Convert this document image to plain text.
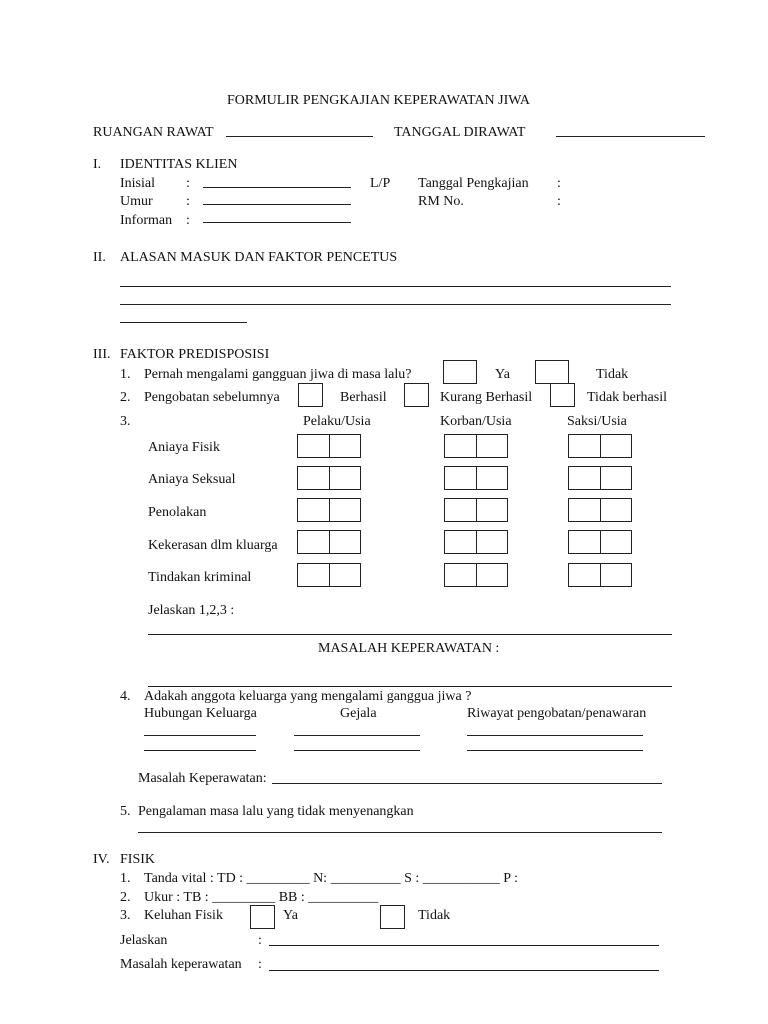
FORMULIR PENGKAJIAN KEPERAWATAN JIWA
RUANGAN RAWAT	TANGGAL DIRAWAT
I. IDENTITAS KLIEN
Inisial :	L/P Tanggal Pengkajian :
Umur :	RM No.	:
Informan :
II. ALASAN MASUK DAN FAKTOR PENCETUS
III. FAKTOR PREDISPOSISI
1. Pernah mengalami gangguan jiwa di masa lalu?	Ya	Tidak
2. Pengobatan sebelumnya	Berhasil	Kurang Berhasil	Tidak berhasil
3.	Pelaku/Usia	Korban/Usia	Saksi/Usia
Aniaya Fisik
Aniaya Seksual
Penolakan
Kekerasan dlm kluarga
Tindakan kriminal
Jelaskan 1,2,3 :
MASALAH KEPERAWATAN :
4. Adakah anggota keluarga yang mengalami ganggua jiwa ?
Hubungan Keluarga	Gejala	Riwayat pengobatan/penawaran
Masalah Keperawatan:
5. Pengalaman masa lalu yang tidak menyenangkan
IV. FISIK
1. Tanda vital : TD : _________ N: __________ S : ___________ P :
2. Ukur : TB : _________ BB : __________
3. Keluhan Fisik	Ya	Tidak
Jelaskan	:
Masalah keperawatan :
